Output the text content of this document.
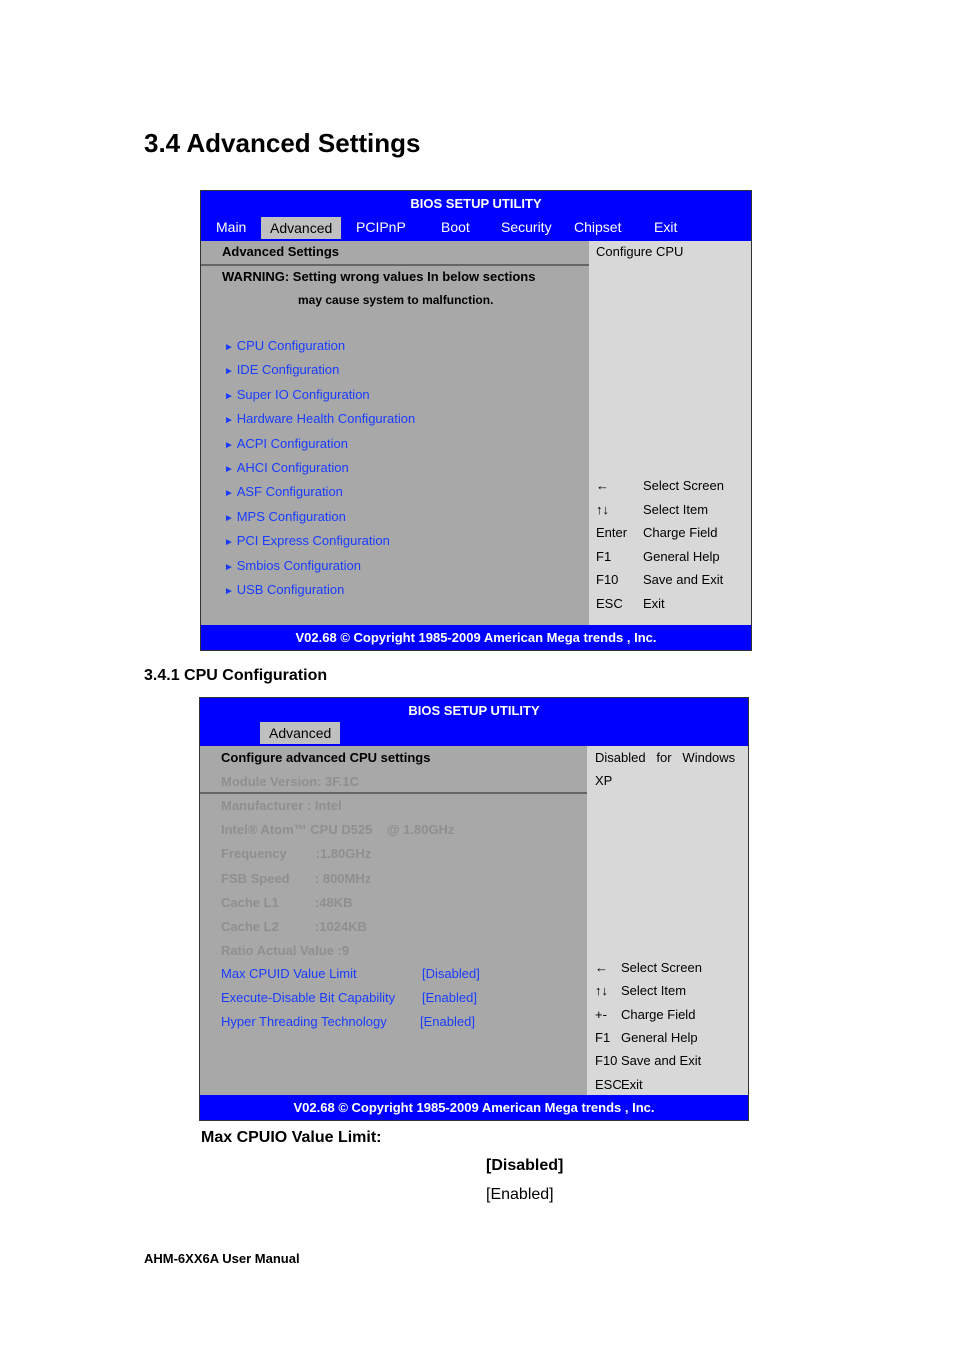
3.4 Advanced Settings
BIOS SETUP UTILITY
Main	Advanced	PCIPnP	Boot Security Chipset Exit
Advanced Settings
WARNING: Setting wrong values In below sections
may cause system to malfunction.
► CPU Configuration
► IDE Configuration
► Super IO Configuration
► Hardware Health Configuration
► ACPI Configuration
► AHCI Configuration
► ASF Configuration
► MPS Configuration
► PCI Express Configuration
► Smbios Configuration
► USB Configuration
Configure CPU
←	Select Screen
↑↓	Select Item
Enter Charge Field
F1 General Help
F10 Save and Exit
ESC Exit
V02.68 © Copyright 1985-2009 American Mega trends , Inc.
3.4.1 CPU Configuration
BIOS SETUP UTILITY
Advanced
Configure advanced CPU settings
Module Version: 3F.1C
Manufacturer : Intel
Intel® Atom™ CPU D525    @ 1.80GHz
Frequency        :1.80GHz
FSB Speed       : 800MHz
Cache L1          :48KB
Cache L2          :1024KB
Ratio Actual Value :9
Max CPUID Value Limit	[Disabled]
Execute-Disable Bit Capability [Enabled]
Hyper Threading Technology	[Enabled]
Disabled   for   Windows
XP
← Select Screen
↑↓ Select Item
+- Charge Field
F1 General Help
F10 Save and Exit
ESC Exit
V02.68 © Copyright 1985-2009 American Mega trends , Inc.
Max CPUIO Value Limit:
[Disabled]
[Enabled]
AHM-6XX6A User Manual
